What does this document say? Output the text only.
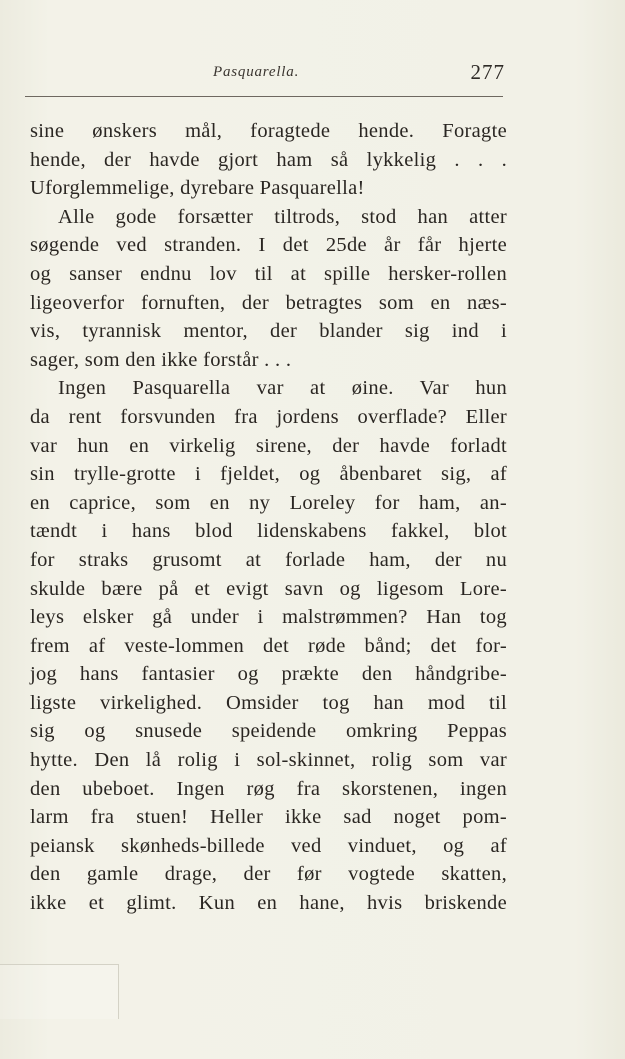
Pasquarella.	277
sine ønskers mål, foragtede hende. Foragte
hende, der havde gjort ham så lykkelig . . .
Uforglemmelige, dyrebare Pasquarella!
Alle gode forsætter tiltrods, stod han atter
søgende ved stranden. I det 25de år får hjerte
og sanser endnu lov til at spille hersker-rollen
ligeoverfor fornuften, der betragtes som en næs-
vis, tyrannisk mentor, der blander sig ind i
sager, som den ikke forstår . . .
Ingen Pasquarella var at øine. Var hun
da rent forsvunden fra jordens overflade? Eller
var hun en virkelig sirene, der havde forladt
sin trylle-grotte i fjeldet, og åbenbaret sig, af
en caprice, som en ny Loreley for ham, an-
tændt i hans blod lidenskabens fakkel, blot
for straks grusomt at forlade ham, der nu
skulde bære på et evigt savn og ligesom Lore-
leys elsker gå under i malstrømmen? Han tog
frem af veste-lommen det røde bånd; det for-
jog hans fantasier og prækte den håndgribe-
ligste virkelighed. Omsider tog han mod til
sig og snusede speidende omkring Peppas
hytte. Den lå rolig i sol-skinnet, rolig som var
den ubeboet. Ingen røg fra skorstenen, ingen
larm fra stuen! Heller ikke sad noget pom-
peiansk skønheds-billede ved vinduet, og af
den gamle drage, der før vogtede skatten,
ikke et glimt. Kun en hane, hvis briskende
